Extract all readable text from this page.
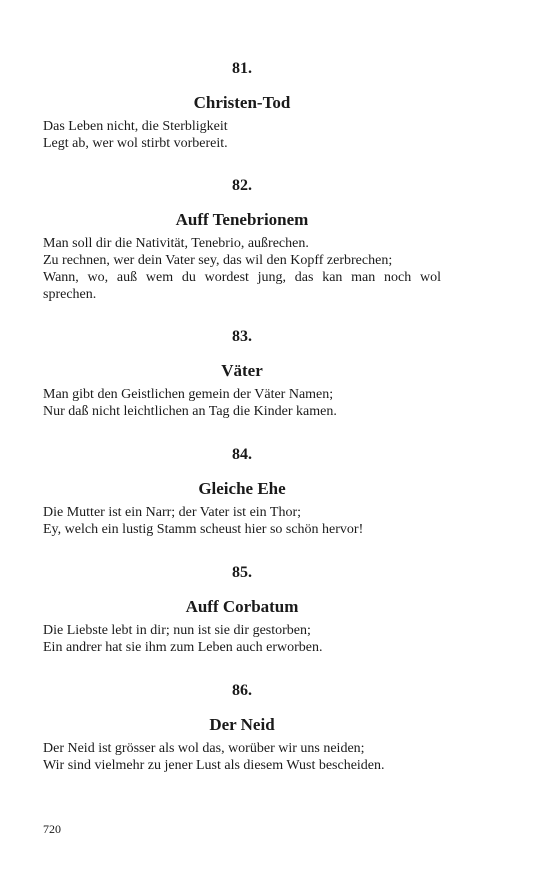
81.
Christen-Tod
Das Leben nicht, die Sterbligkeit
Legt ab, wer wol stirbt vorbereit.
82.
Auff Tenebrionem
Man soll dir die Nativität, Tenebrio, außrechen.
Zu rechnen, wer dein Vater sey, das wil den Kopff zerbrechen;
Wann, wo, auß wem du wordest jung, das kan man noch wol
sprechen.
83.
Väter
Man gibt den Geistlichen gemein der Väter Namen;
Nur daß nicht leichtlichen an Tag die Kinder kamen.
84.
Gleiche Ehe
Die Mutter ist ein Narr; der Vater ist ein Thor;
Ey, welch ein lustig Stamm scheust hier so schön hervor!
85.
Auff Corbatum
Die Liebste lebt in dir; nun ist sie dir gestorben;
Ein andrer hat sie ihm zum Leben auch erworben.
86.
Der Neid
Der Neid ist grösser als wol das, worüber wir uns neiden;
Wir sind vielmehr zu jener Lust als diesem Wust bescheiden.
720
